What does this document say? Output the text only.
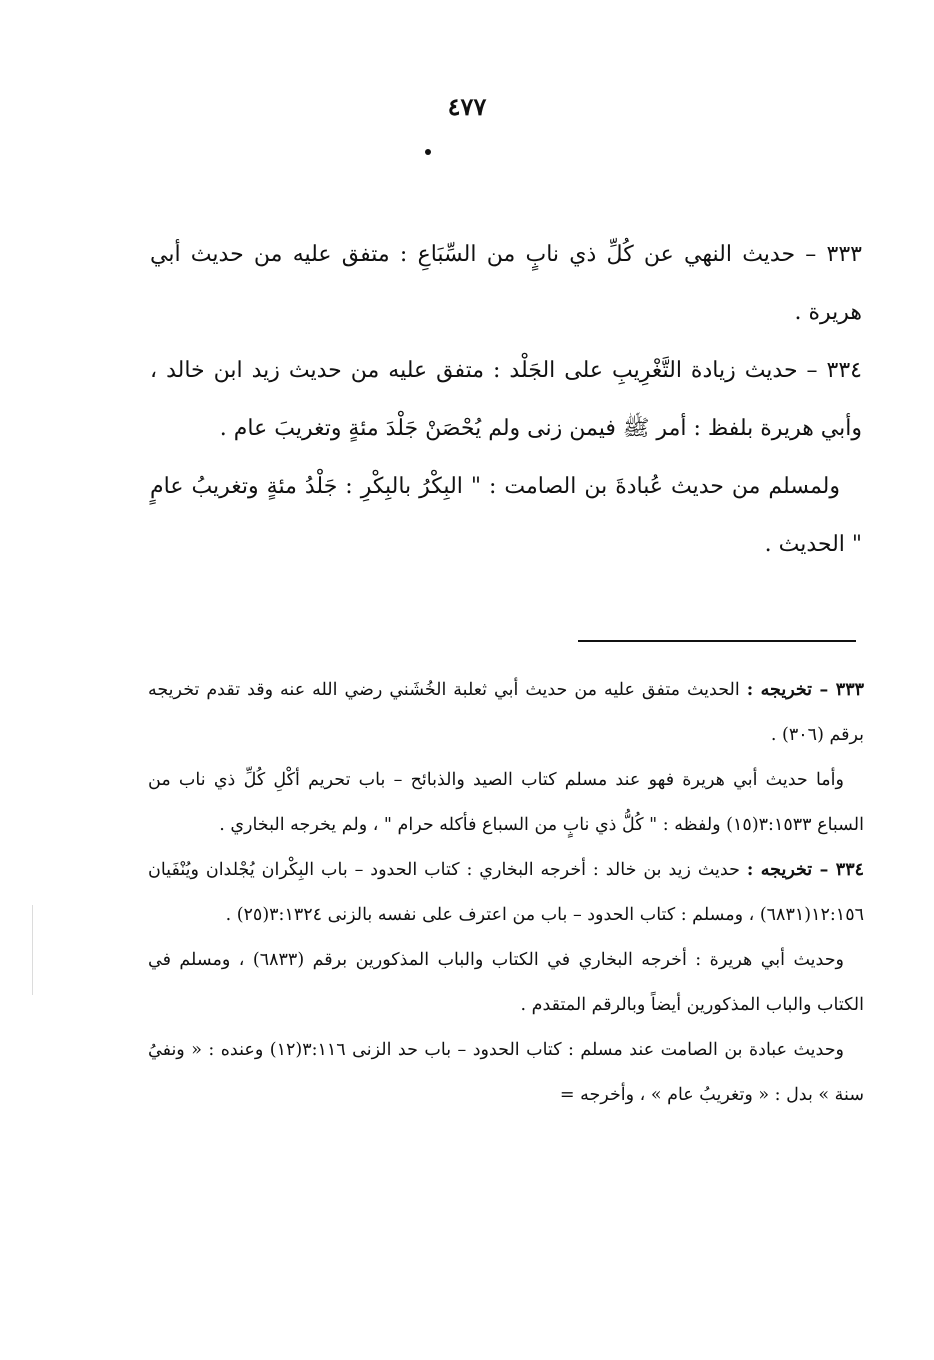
٤٧٧

٣٣٣ – حديث النهي عن كُلِّ ذي نابٍ من السِّبَاعِ : متفق عليه من حديث أبي هريرة .

٣٣٤ – حديث زيادة التَّغْرِيبِ على الجَلْد : متفق عليه من حديث زيد ابن خالد ، وأبي هريرة بلفظ : أمر ﷺ فيمن زنى ولم يُحْصَنْ جَلْدَ مئةٍ وتغريبَ عام .

ولمسلم من حديث عُبادةَ بن الصامت : " البِكْرُ بالبِكْرِ : جَلْدُ مئةٍ وتغريبُ عامٍ " الحديث .

٣٣٣ – تخريجه : الحديث متفق عليه من حديث أبي ثعلبة الخُشَني رضي الله عنه وقد تقدم تخريجه برقم (٣٠٦) .

وأما حديث أبي هريرة فهو عند مسلم كتاب الصيد والذبائح – باب تحريم أكْلِ كُلِّ ذي ناب من السباع ٣:١٥٣٣(١٥) ولفظه : " كُلُّ ذي نابٍ من السباع فأكله حرام " ، ولم يخرجه البخاري .

٣٣٤ – تخريجه : حديث زيد بن خالد : أخرجه البخاري : كتاب الحدود – باب البِكْران يُجْلدان ويُنْفَيان ١٢:١٥٦(٦٨٣١) ، ومسلم : كتاب الحدود – باب من اعترف على نفسه بالزنى ٣:١٣٢٤(٢٥) .

وحديث أبي هريرة : أخرجه البخاري في الكتاب والباب المذكورين برقم (٦٨٣٣) ، ومسلم في الكتاب والباب المذكورين أيضاً وبالرقم المتقدم .

وحديث عبادة بن الصامت عند مسلم : كتاب الحدود – باب حد الزنى ٣:١١٦(١٢) وعنده : « ونفيُ سنة » بدل : « وتغريبُ عام » ، وأخرجه =
